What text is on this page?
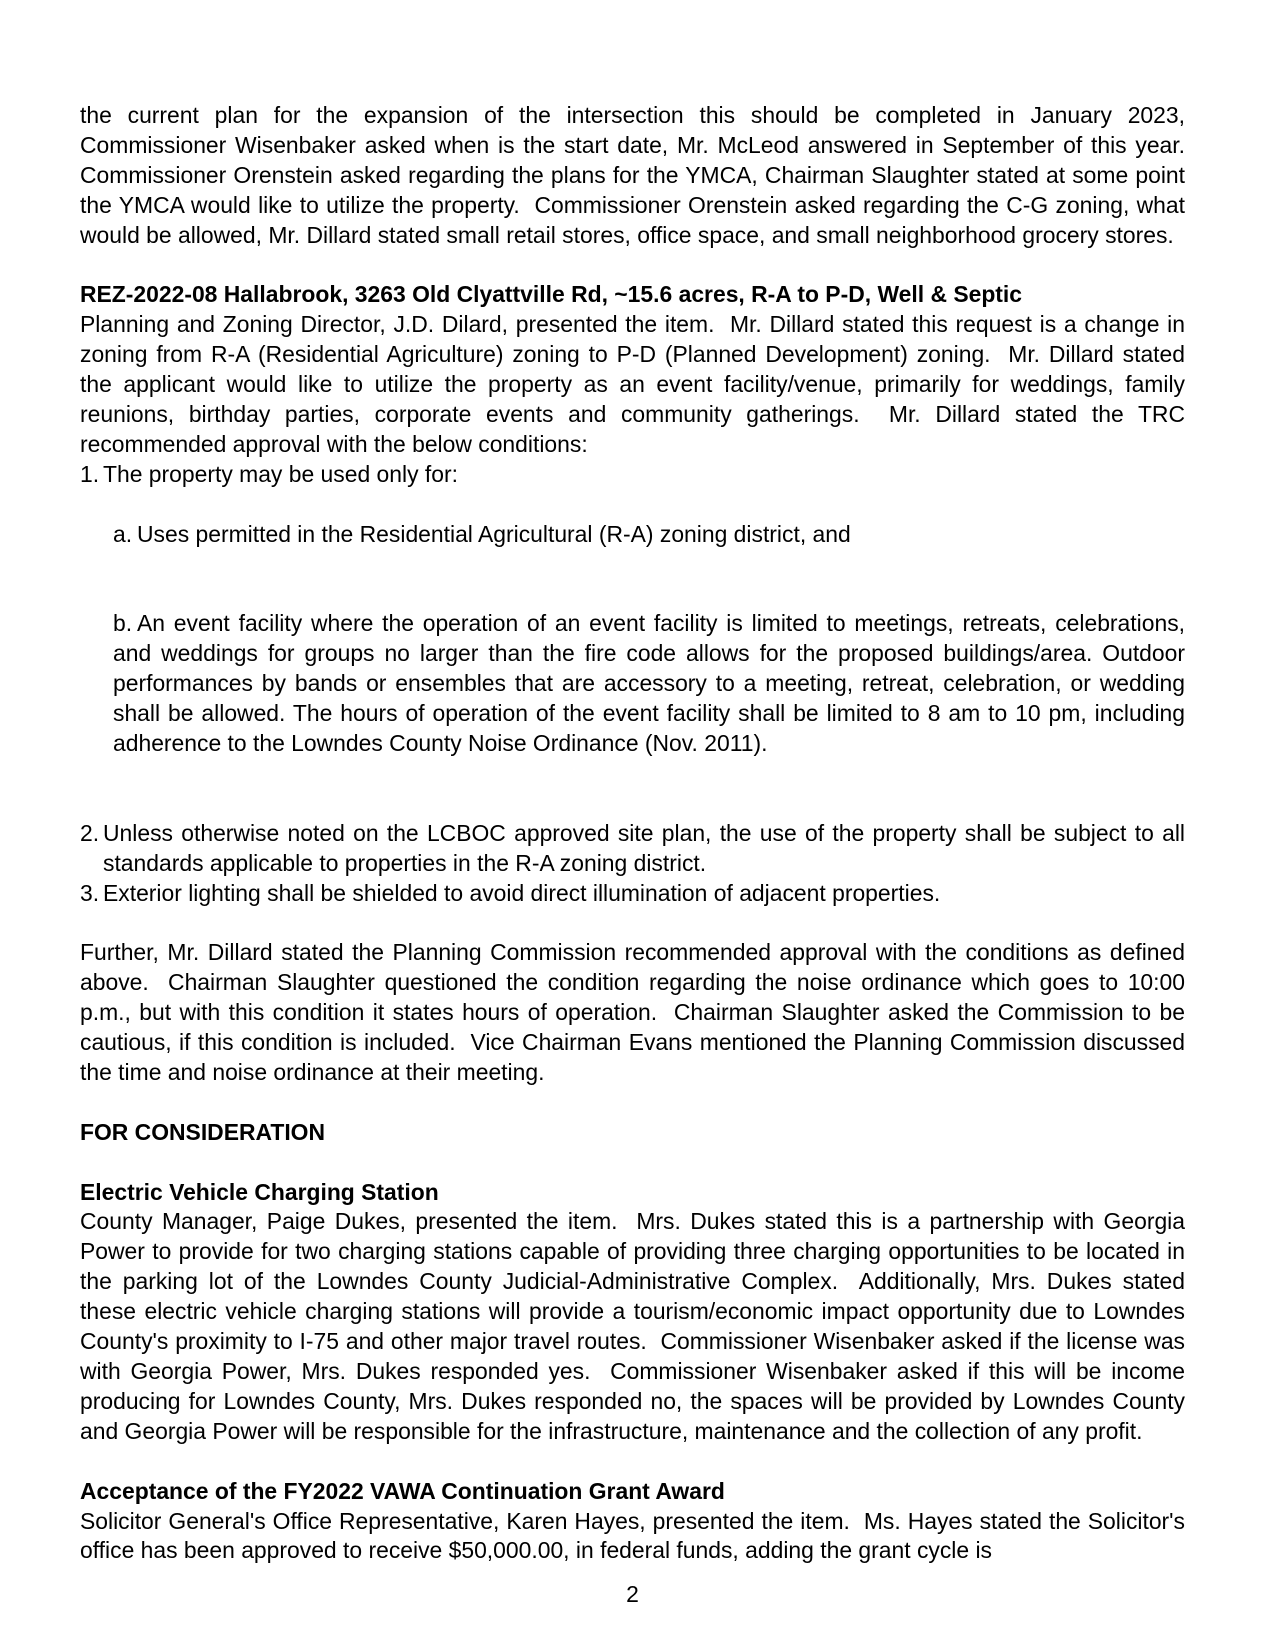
the current plan for the expansion of the intersection this should be completed in January 2023, Commissioner Wisenbaker asked when is the start date, Mr. McLeod answered in September of this year.  Commissioner Orenstein asked regarding the plans for the YMCA, Chairman Slaughter stated at some point the YMCA would like to utilize the property.  Commissioner Orenstein asked regarding the C-G zoning, what would be allowed, Mr. Dillard stated small retail stores, office space, and small neighborhood grocery stores.
REZ-2022-08 Hallabrook, 3263 Old Clyattville Rd, ~15.6 acres, R-A to P-D, Well & Septic
Planning and Zoning Director, J.D. Dilard, presented the item.  Mr. Dillard stated this request is a change in zoning from R-A (Residential Agriculture) zoning to P-D (Planned Development) zoning.  Mr. Dillard stated the applicant would like to utilize the property as an event facility/venue, primarily for weddings, family reunions, birthday parties, corporate events and community gatherings.  Mr. Dillard stated the TRC recommended approval with the below conditions:
1. The property may be used only for:

a. Uses permitted in the Residential Agricultural (R-A) zoning district, and

b. An event facility where the operation of an event facility is limited to meetings, retreats, celebrations, and weddings for groups no larger than the fire code allows for the proposed buildings/area. Outdoor performances by bands or ensembles that are accessory to a meeting, retreat, celebration, or wedding shall be allowed. The hours of operation of the event facility shall be limited to 8 am to 10 pm, including adherence to the Lowndes County Noise Ordinance (Nov. 2011).

2. Unless otherwise noted on the LCBOC approved site plan, the use of the property shall be subject to all standards applicable to properties in the R-A zoning district.
3. Exterior lighting shall be shielded to avoid direct illumination of adjacent properties.
Further, Mr. Dillard stated the Planning Commission recommended approval with the conditions as defined above.  Chairman Slaughter questioned the condition regarding the noise ordinance which goes to 10:00 p.m., but with this condition it states hours of operation.  Chairman Slaughter asked the Commission to be cautious, if this condition is included.  Vice Chairman Evans mentioned the Planning Commission discussed the time and noise ordinance at their meeting.
FOR CONSIDERATION
Electric Vehicle Charging Station
County Manager, Paige Dukes, presented the item.  Mrs. Dukes stated this is a partnership with Georgia Power to provide for two charging stations capable of providing three charging opportunities to be located in the parking lot of the Lowndes County Judicial-Administrative Complex.  Additionally, Mrs. Dukes stated these electric vehicle charging stations will provide a tourism/economic impact opportunity due to Lowndes County's proximity to I-75 and other major travel routes.  Commissioner Wisenbaker asked if the license was with Georgia Power, Mrs. Dukes responded yes.  Commissioner Wisenbaker asked if this will be income producing for Lowndes County, Mrs. Dukes responded no, the spaces will be provided by Lowndes County and Georgia Power will be responsible for the infrastructure, maintenance and the collection of any profit.
Acceptance of the FY2022 VAWA Continuation Grant Award
Solicitor General's Office Representative, Karen Hayes, presented the item.  Ms. Hayes stated the Solicitor's office has been approved to receive $50,000.00, in federal funds, adding the grant cycle is
2
